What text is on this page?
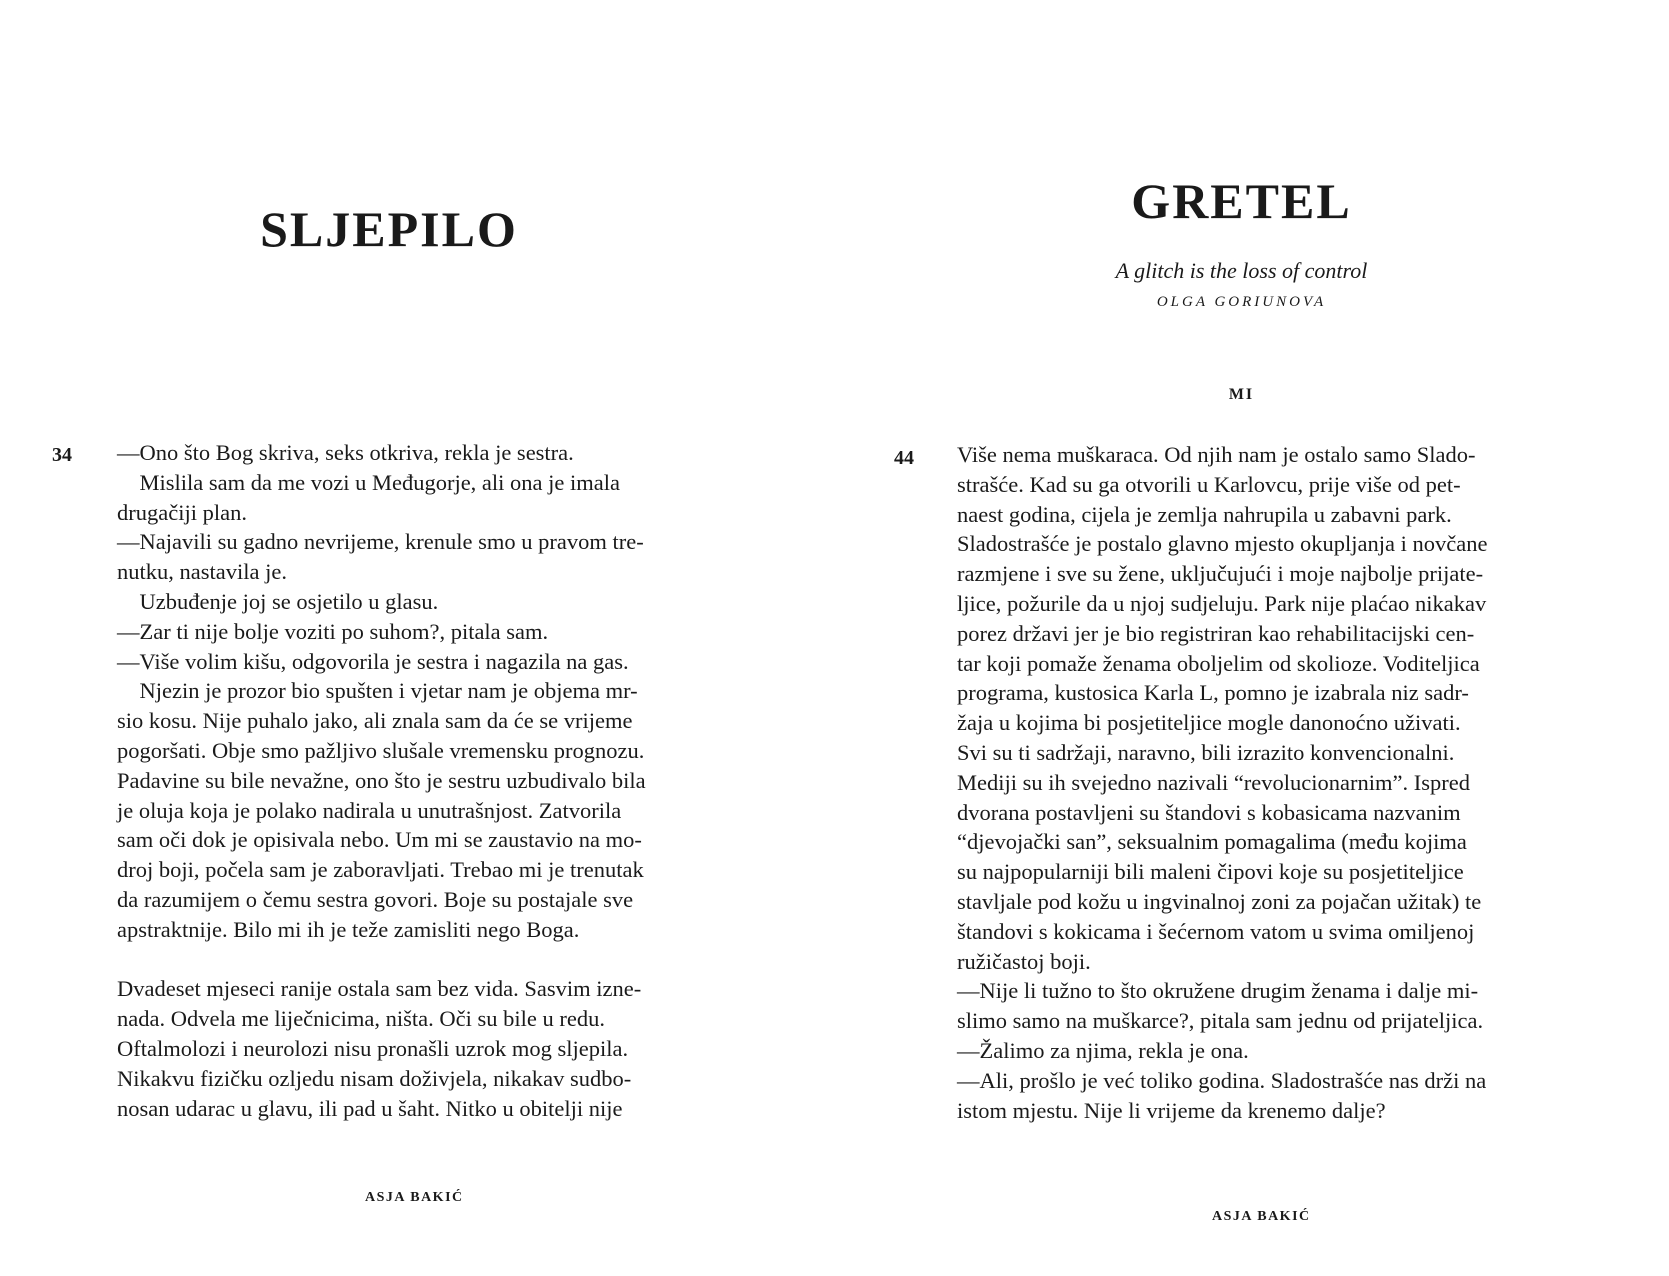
SLJEPILO
34 —Ono što Bog skriva, seks otkriva, rekla je sestra.
Mislila sam da me vozi u Međugorje, ali ona je imala
drugačiji plan.
—Najavili su gadno nevrijeme, krenule smo u pravom tre-
nutku, nastavila je.
Uzbuđenje joj se osjetilo u glasu.
—Zar ti nije bolje voziti po suhom?, pitala sam.
—Više volim kišu, odgovorila je sestra i nagazila na gas.
Njezin je prozor bio spušten i vjetar nam je objema mr-
sio kosu. Nije puhalo jako, ali znala sam da će se vrijeme
pogoršati. Obje smo pažljivo slušale vremensku prognozu.
Padavine su bile nevažne, ono što je sestru uzbudivalo bila
je oluja koja je polako nadirala u unutrašnjost. Zatvorila
sam oči dok je opisivala nebo. Um mi se zaustavio na mo-
droj boji, počela sam je zaboravljati. Trebao mi je trenutak
da razumijem o čemu sestra govori. Boje su postajale sve
apstraktnije. Bilo mi ih je teže zamisliti nego Boga.
Dvadeset mjeseci ranije ostala sam bez vida. Sasvim izne-
nada. Odvela me liječnicima, ništa. Oči su bile u redu.
Oftalmolozi i neurolozi nisu pronašli uzrok mog sljepila.
Nikakvu fizičku ozljedu nisam doživjela, nikakav sudbo-
nosan udarac u glavu, ili pad u šaht. Nitko u obitelji nije
ASJA BAKIĆ
GRETEL
A glitch is the loss of control
OLGA GORIUNOVA
MI
44 Više nema muškaraca. Od njih nam je ostalo samo Slado-
strašće. Kad su ga otvorili u Karlovcu, prije više od pet-
naest godina, cijela je zemlja nahrupila u zabavni park.
Sladostrašće je postalo glavno mjesto okupljanja i novčane
razmjene i sve su žene, uključujući i moje najbolje prijate-
ljice, požurile da u njoj sudjeluju. Park nije plaćao nikakav
porez državi jer je bio registriran kao rehabilitacijski cen-
tar koji pomaže ženama oboljelim od skolioze. Voditeljica
programa, kustosica Karla L, pomno je izabrala niz sadr-
žaja u kojima bi posjetiteljice mogle danonoćno uživati.
Svi su ti sadržaji, naravno, bili izrazito konvencionalni.
Mediji su ih svejedno nazivali “revolucionarnim”. Ispred
dvorana postavljeni su štandovi s kobasicama nazvanim
“djevojački san”, seksualnim pomagalima (među kojima
su najpopularniji bili maleni čipovi koje su posjetiteljice
stavljale pod kožu u ingvinalnoj zoni za pojačan užitak) te
štandovi s kokicama i šećernom vatom u svima omiljenoj
ružičastoj boji.
—Nije li tužno to što okružene drugim ženama i dalje mi-
slimo samo na muškarce?, pitala sam jednu od prijateljica.
—Žalimo za njima, rekla je ona.
—Ali, prošlo je već toliko godina. Sladostrašće nas drži na
istom mjestu. Nije li vrijeme da krenemo dalje?
ASJA BAKIĆ
